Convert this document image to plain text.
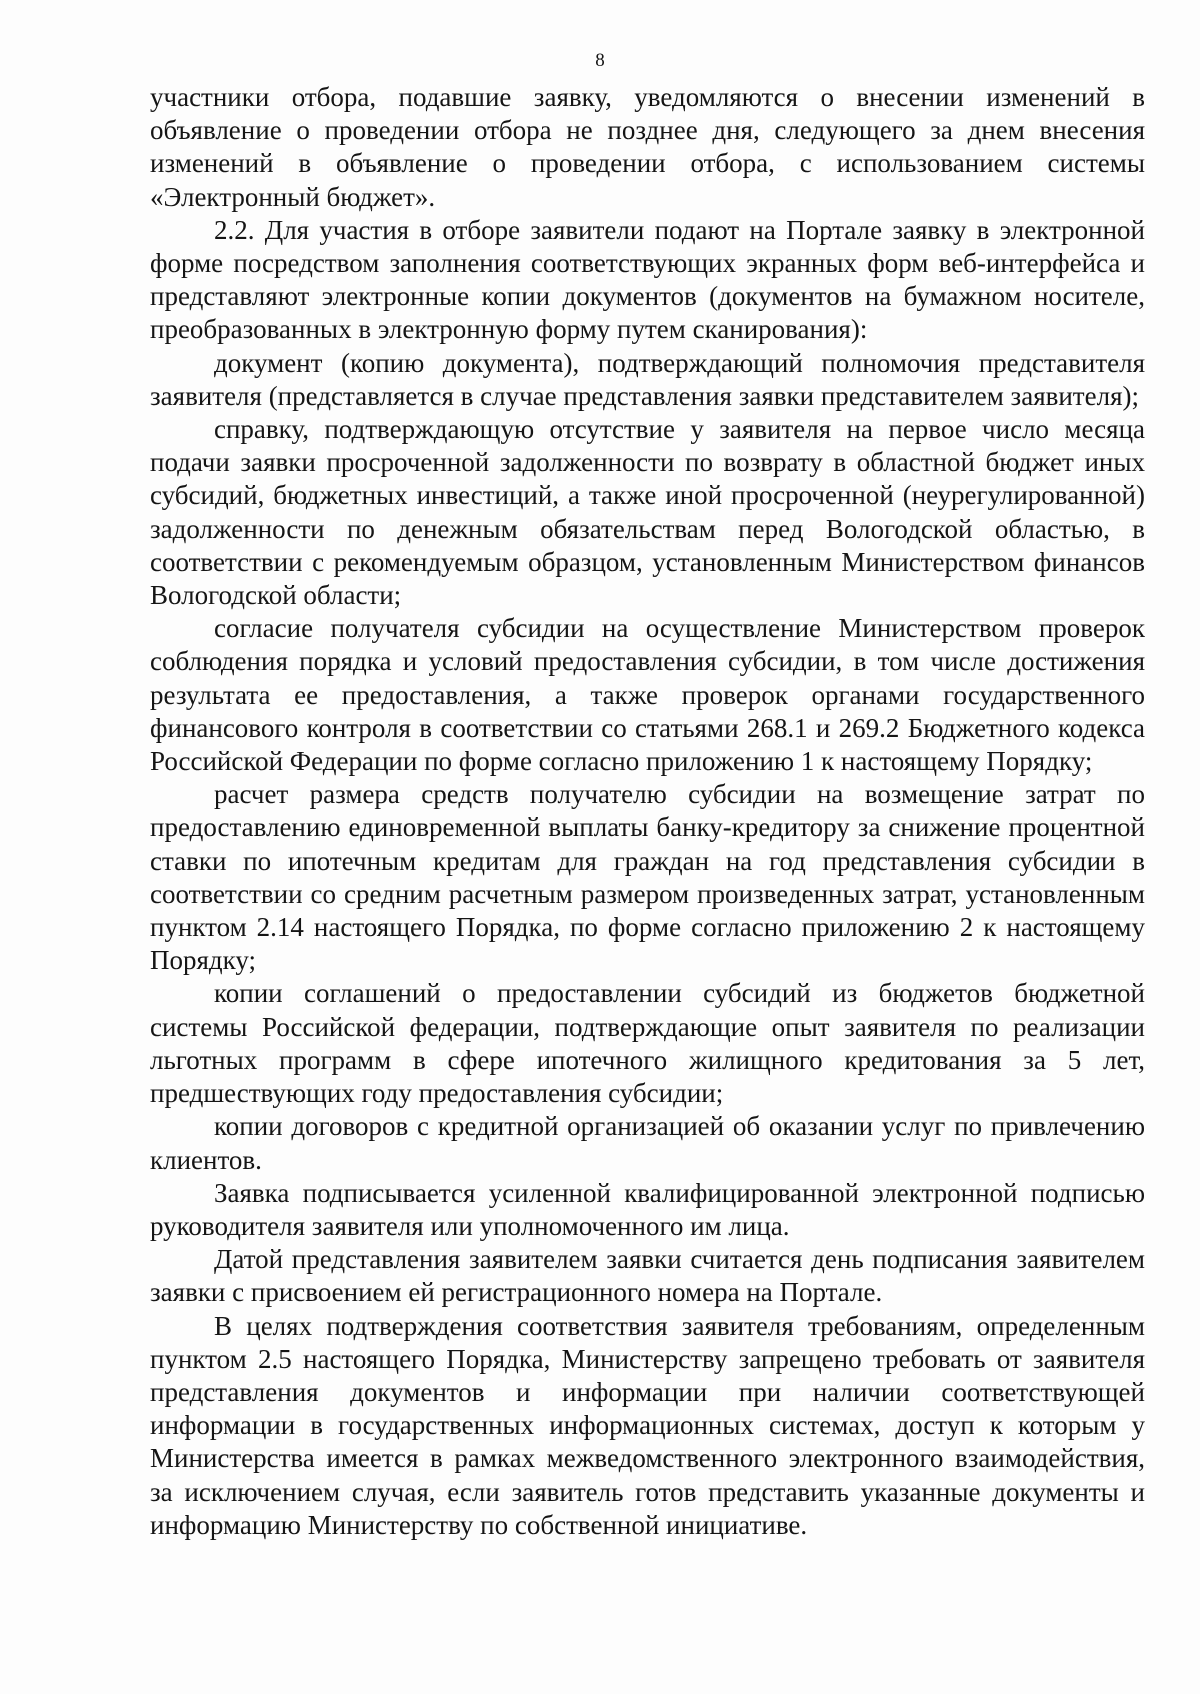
8

участники отбора, подавшие заявку, уведомляются о внесении изменений в объявление о проведении отбора не позднее дня, следующего за днем внесения изменений в объявление о проведении отбора, с использованием системы «Электронный бюджет».

2.2. Для участия в отборе заявители подают на Портале заявку в электронной форме посредством заполнения соответствующих экранных форм веб-интерфейса и представляют электронные копии документов (документов на бумажном носителе, преобразованных в электронную форму путем сканирования):

документ (копию документа), подтверждающий полномочия представителя заявителя (представляется в случае представления заявки представителем заявителя);

справку, подтверждающую отсутствие у заявителя на первое число месяца подачи заявки просроченной задолженности по возврату в областной бюджет иных субсидий, бюджетных инвестиций, а также иной просроченной (неурегулированной) задолженности по денежным обязательствам перед Вологодской областью, в соответствии с рекомендуемым образцом, установленным Министерством финансов Вологодской области;

согласие получателя субсидии на осуществление Министерством проверок соблюдения порядка и условий предоставления субсидии, в том числе достижения результата ее предоставления, а также проверок органами государственного финансового контроля в соответствии со статьями 268.1 и 269.2 Бюджетного кодекса Российской Федерации по форме согласно приложению 1 к настоящему Порядку;

расчет размера средств получателю субсидии на возмещение затрат по предоставлению единовременной выплаты банку-кредитору за снижение процентной ставки по ипотечным кредитам для граждан на год представления субсидии в соответствии со средним расчетным размером произведенных затрат, установленным пунктом 2.14 настоящего Порядка, по форме согласно приложению 2 к настоящему Порядку;

копии соглашений о предоставлении субсидий из бюджетов бюджетной системы Российской федерации, подтверждающие опыт заявителя по реализации льготных программ в сфере ипотечного жилищного кредитования за 5 лет, предшествующих году предоставления субсидии;

копии договоров с кредитной организацией об оказании услуг по привлечению клиентов.

Заявка подписывается усиленной квалифицированной электронной подписью руководителя заявителя или уполномоченного им лица.

Датой представления заявителем заявки считается день подписания заявителем заявки с присвоением ей регистрационного номера на Портале.

В целях подтверждения соответствия заявителя требованиям, определенным пунктом 2.5 настоящего Порядка, Министерству запрещено требовать от заявителя представления документов и информации при наличии соответствующей информации в государственных информационных системах, доступ к которым у Министерства имеется в рамках межведомственного электронного взаимодействия, за исключением случая, если заявитель готов представить указанные документы и информацию Министерству по собственной инициативе.
